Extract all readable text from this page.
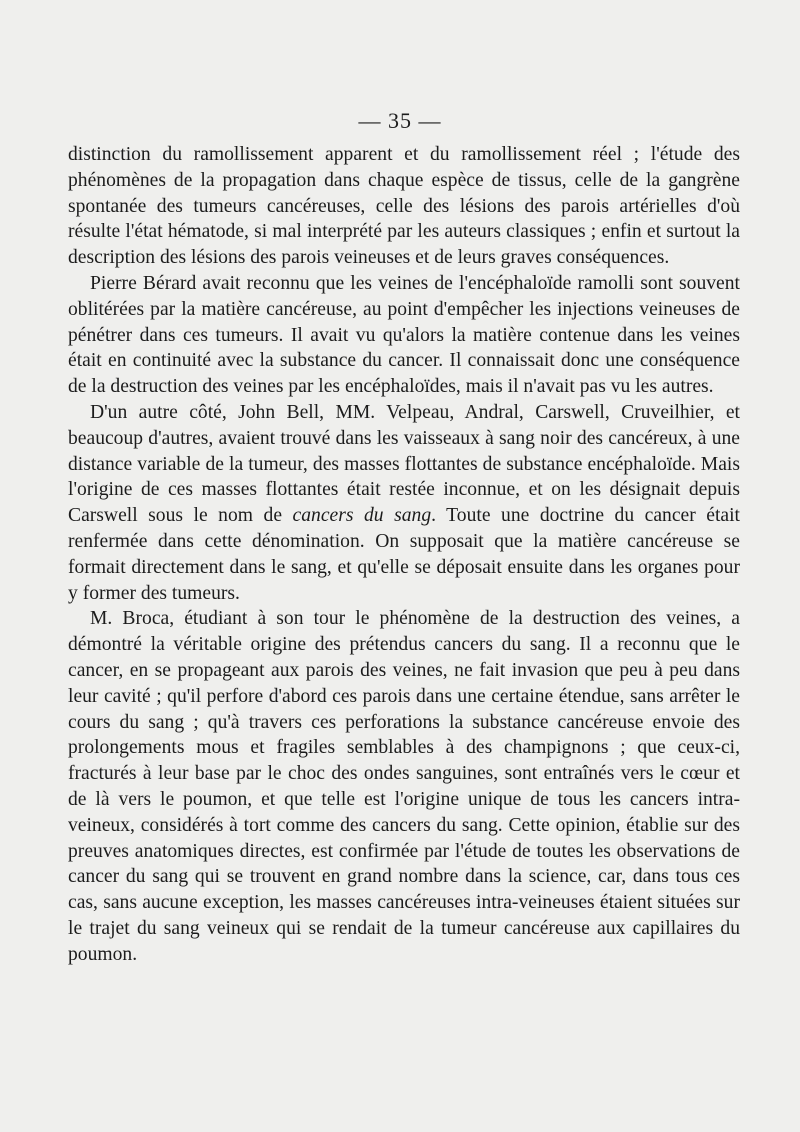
— 35 —

distinction du ramollissement apparent et du ramollissement réel ; l'étude des phénomènes de la propagation dans chaque espèce de tissus, celle de la gangrène spontanée des tumeurs cancéreuses, celle des lésions des parois artérielles d'où résulte l'état hématode, si mal interprété par les auteurs classiques ; enfin et surtout la description des lésions des parois veineuses et de leurs graves conséquences.

Pierre Bérard avait reconnu que les veines de l'encéphaloïde ramolli sont souvent oblitérées par la matière cancéreuse, au point d'empêcher les injections veineuses de pénétrer dans ces tumeurs. Il avait vu qu'alors la matière contenue dans les veines était en continuité avec la substance du cancer. Il connaissait donc une conséquence de la destruction des veines par les encéphaloïdes, mais il n'avait pas vu les autres.

D'un autre côté, John Bell, MM. Velpeau, Andral, Carswell, Cruveilhier, et beaucoup d'autres, avaient trouvé dans les vaisseaux à sang noir des cancéreux, à une distance variable de la tumeur, des masses flottantes de substance encéphaloïde. Mais l'origine de ces masses flottantes était restée inconnue, et on les désignait depuis Carswell sous le nom de cancers du sang. Toute une doctrine du cancer était renfermée dans cette dénomination. On supposait que la matière cancéreuse se formait directement dans le sang, et qu'elle se déposait ensuite dans les organes pour y former des tumeurs.

M. Broca, étudiant à son tour le phénomène de la destruction des veines, a démontré la véritable origine des prétendus cancers du sang. Il a reconnu que le cancer, en se propageant aux parois des veines, ne fait invasion que peu à peu dans leur cavité ; qu'il perfore d'abord ces parois dans une certaine étendue, sans arrêter le cours du sang ; qu'à travers ces perforations la substance cancéreuse envoie des prolongements mous et fragiles semblables à des champignons ; que ceux-ci, fracturés à leur base par le choc des ondes sanguines, sont entraînés vers le cœur et de là vers le poumon, et que telle est l'origine unique de tous les cancers intra-veineux, considérés à tort comme des cancers du sang. Cette opinion, établie sur des preuves anatomiques directes, est confirmée par l'étude de toutes les observations de cancer du sang qui se trouvent en grand nombre dans la science, car, dans tous ces cas, sans aucune exception, les masses cancéreuses intra-veineuses étaient situées sur le trajet du sang veineux qui se rendait de la tumeur cancéreuse aux capillaires du poumon.
